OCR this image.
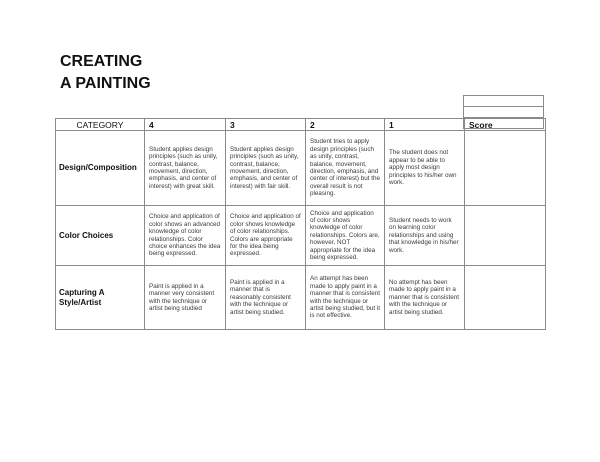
CREATING
A PAINTING

CATEGORY	4	3	2	1	Score
Design/Composition	Student applies design principles (such as unity, contrast, balance, movement, direction, emphasis, and center of interest) with great skill.	Student applies design principles (such as unity, contrast, balance, movement, direction, emphasis, and center of interest) with fair skill.	Student tries to apply design principles (such as unity, contrast, balance, movement, direction, emphasis, and center of interest) but the overall result is not pleasing.	The student does not appear to be able to apply most design principles to his/her own work.	
Color Choices	Choice and application of color shows an advanced knowledge of color relationships. Color choice enhances the idea being expressed.	Choice and application of color shows knowledge of color relationships. Colors are appropriate for the idea being expressed.	Choice and application of color shows knowledge of color relationships. Colors are, however, NOT appropriate for the idea being expressed.	Student needs to work on learning color relationships and using that knowledge in his/her work.	
Capturing A Style/Artist	Paint is applied in a manner very consistent with the technique or artist being studied	Paint is applied in a manner that is reasonably consistent with the technique or artist being studied.	An attempt has been made to apply paint in a manner that is consistent with the technique or artist being studied, but it is not effective.	No attempt has been made to apply paint in a manner that is consistent with the technique or artist being studied.	
